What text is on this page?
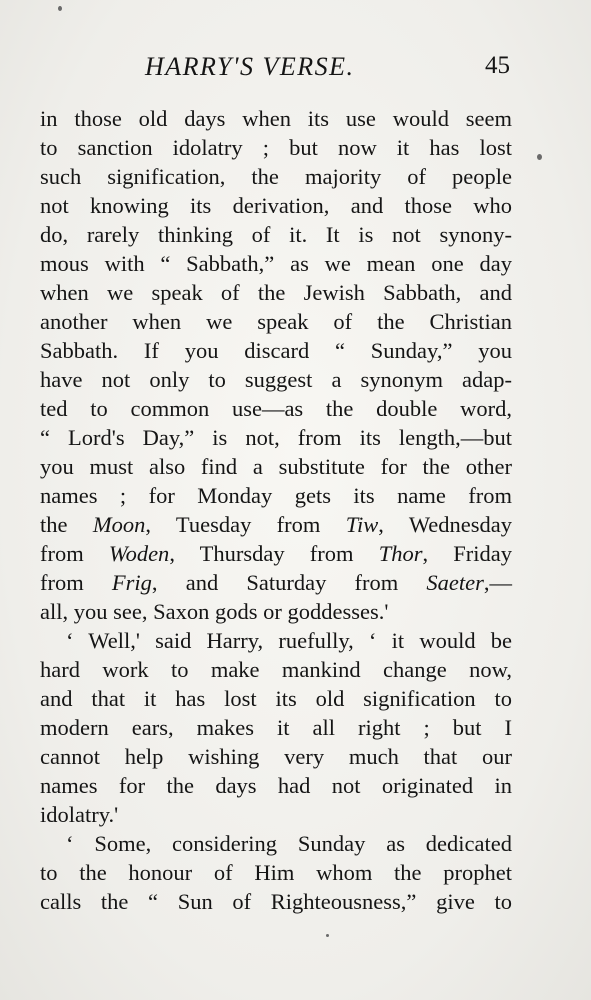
HARRY'S VERSE.	45
in those old days when its use would seem
to sanction idolatry ; but now it has lost
such signification, the majority of people
not knowing its derivation, and those who
do, rarely thinking of it. It is not synony-
mous with “ Sabbath,” as we mean one day
when we speak of the Jewish Sabbath, and
another when we speak of the Christian
Sabbath. If you discard “ Sunday,” you
have not only to suggest a synonym adap-
ted to common use—as the double word,
“ Lord's Day,” is not, from its length,—but
you must also find a substitute for the other
names ; for Monday gets its name from
the Moon, Tuesday from Tiw, Wednesday
from Woden, Thursday from Thor, Friday
from Frig, and Saturday from Saeter,—
all, you see, Saxon gods or goddesses.'
‘ Well,' said Harry, ruefully, ‘ it would be
hard work to make mankind change now,
and that it has lost its old signification to
modern ears, makes it all right ; but I
cannot help wishing very much that our
names for the days had not originated in
idolatry.'
‘ Some, considering Sunday as dedicated
to the honour of Him whom the prophet
calls the “ Sun of Righteousness,” give to
